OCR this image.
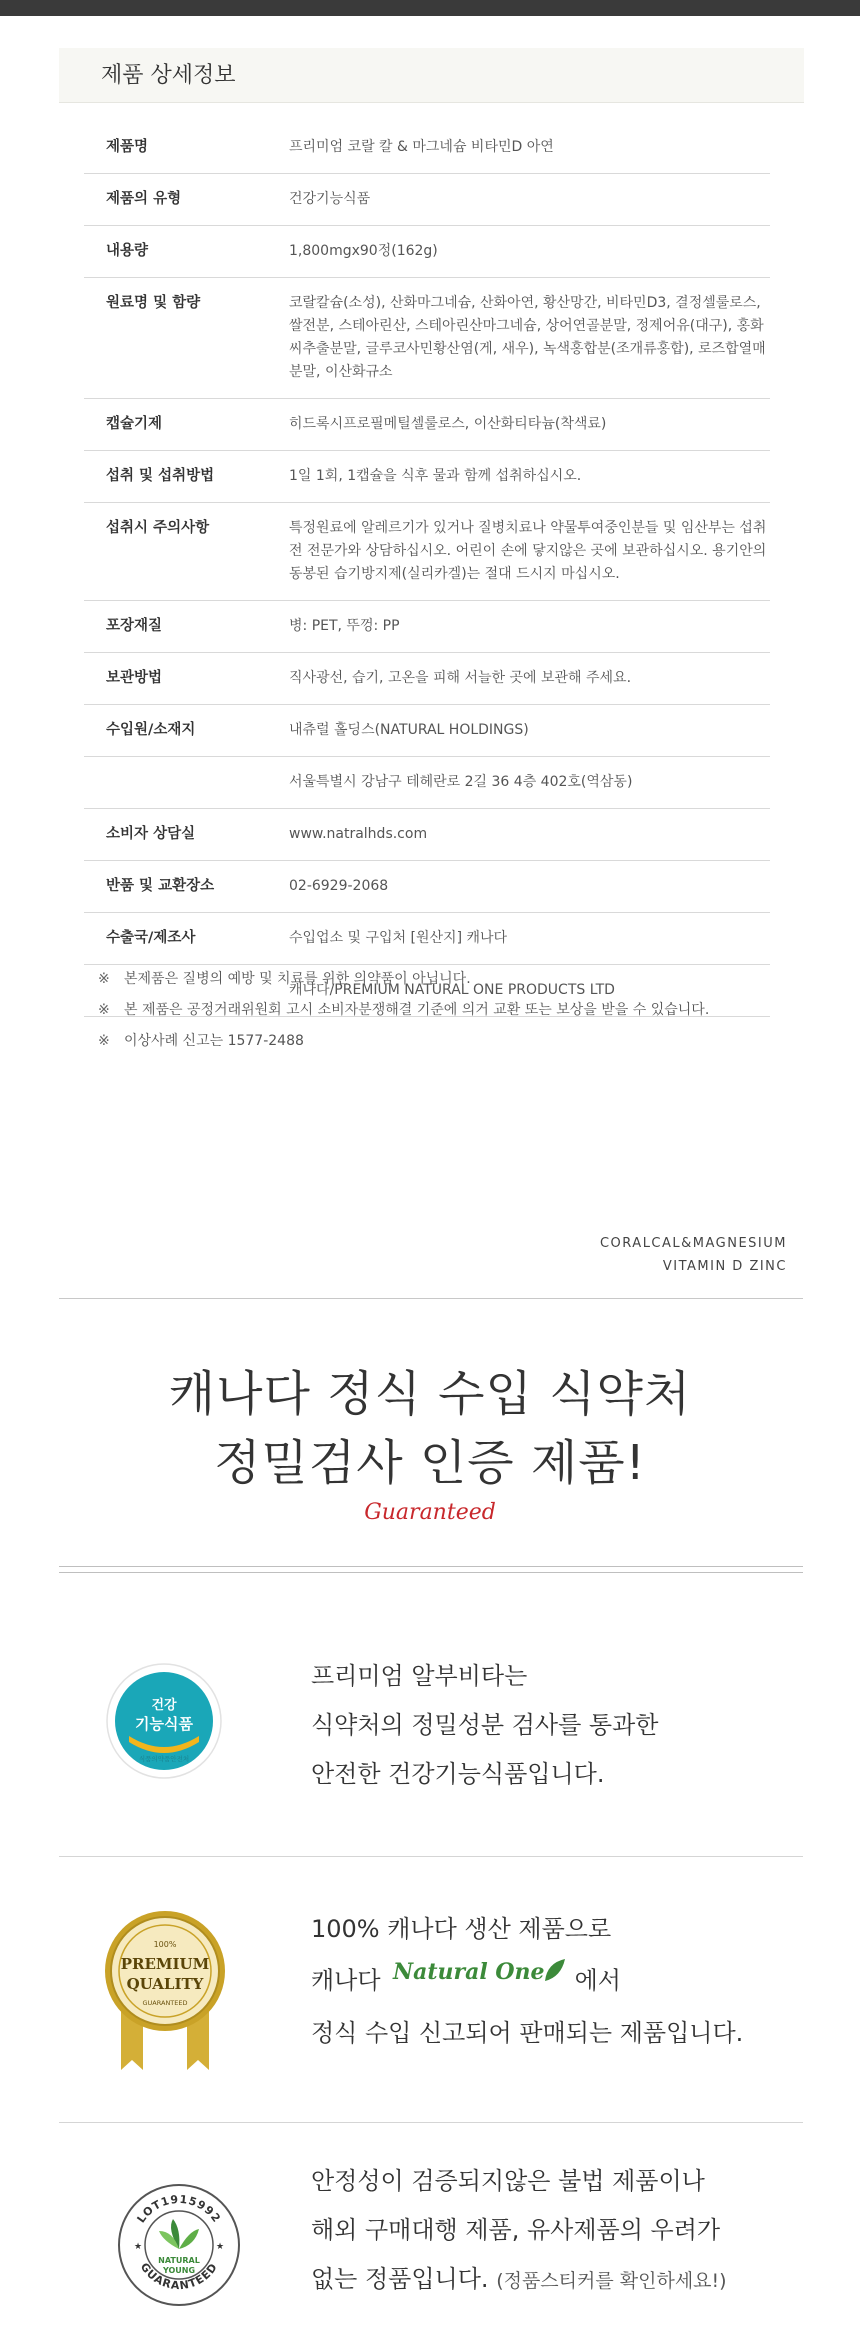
제품 상세정보
제품명	프리미엄 코랄 칼 & 마그네슘 비타민D 아연
제품의 유형	건강기능식품
내용량	1,800mgx90정(162g)
원료명 및 함량	코랄칼슘(소성), 산화마그네슘, 산화아연, 황산망간, 비타민D3, 결정셀룰로스, 쌀전분, 스테아린산, 스테아린산마그네슘, 상어연골분말, 정제어유(대구), 홍화씨추출분말, 글루코사민황산염(게, 새우), 녹색홍합분(조개류홍합), 로즈합열매분말, 이산화규소
캡슐기제	히드록시프로필메틸셀룰로스, 이산화티타늄(착색료)
섭취 및 섭취방법	1일 1회, 1캡슐을 식후 물과 함께 섭취하십시오.
섭취시 주의사항	특정원료에 알레르기가 있거나 질병치료나 약물투여중인분들 및 임산부는 섭취전 전문가와 상담하십시오. 어린이 손에 닿지않은 곳에 보관하십시오. 용기안의 동봉된 습기방지제(실리카겔)는 절대 드시지 마십시오.
포장재질	병: PET, 뚜껑: PP
보관방법	직사광선, 습기, 고온을 피해 서늘한 곳에 보관해 주세요.
수입원/소재지	내츄럴 홀딩스(NATURAL HOLDINGS)
	서울특별시 강남구 테헤란로 2길 36 4층 402호(역삼동)
소비자 상담실	www.natralhds.com
반품 및 교환장소	02-6929-2068
수출국/제조사	수입업소 및 구입처 [원산지] 캐나다
	캐나다/PREMIUM NATURAL ONE PRODUCTS LTD
※	본제품은 질병의 예방 및 치료를 위한 의약품이 아닙니다.
※	본 제품은 공정거래위원회 고시 소비자분쟁해결 기준에 의거 교환 또는 보상을 받을 수 있습니다.
※	이상사례 신고는 1577-2488
CORALCAL&MAGNESIUM
VITAMIN D ZINC
캐나다 정식 수입 식약처
정밀검사 인증 제품!
Guaranteed
건강
기능식품
식품의약품안전처
프리미엄 알부비타는
식약처의 정밀성분 검사를 통과한
안전한 건강기능식품입니다.
100%
PREMIUM
QUALITY
GUARANTEED
100% 캐나다 생산 제품으로
캐나다 Natural One 에서
정식 수입 신고되어 판매되는 제품입니다.
LOT1915992
GUARANTEED
NATURAL
YOUNG
★	★
안정성이 검증되지않은 불법 제품이나
해외 구매대행 제품, 유사제품의 우려가
없는 정품입니다. (정품스티커를 확인하세요!)
